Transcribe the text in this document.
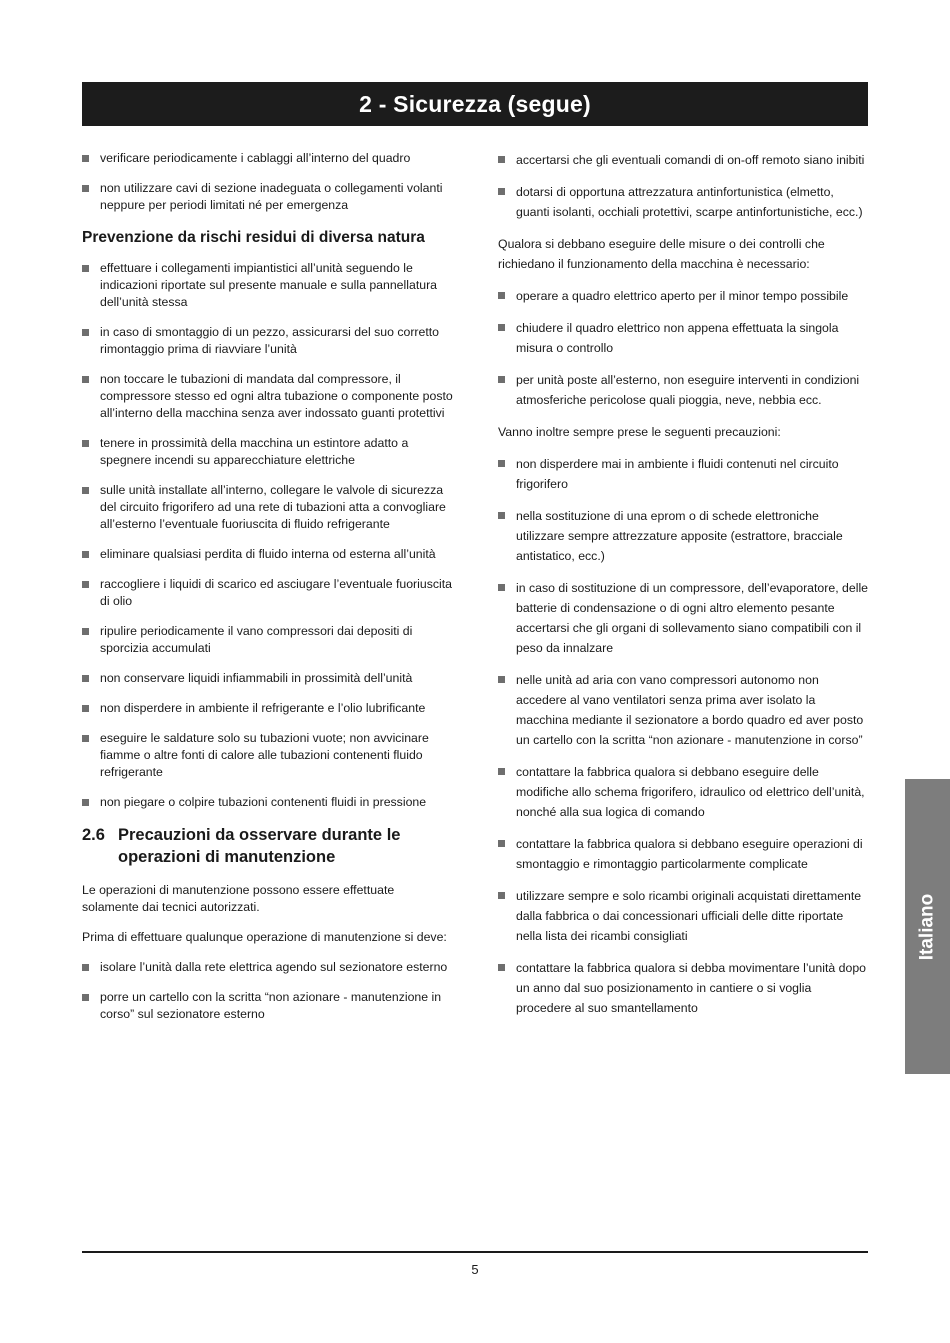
2 - Sicurezza (segue)
verificare periodicamente i cablaggi all’interno del quadro
non utilizzare cavi di sezione inadeguata o collegamenti volanti neppure per periodi limitati né per emergenza
Prevenzione da rischi residui di diversa natura
effettuare i collegamenti impiantistici all’unità seguendo le indicazioni riportate sul presente manuale e sulla pannellatura dell’unità stessa
in caso di smontaggio di un pezzo, assicurarsi del suo corretto rimontaggio prima di riavviare l’unità
non toccare le tubazioni di mandata dal compressore, il compressore stesso ed ogni altra tubazione o componente posto all’interno della macchina senza aver indossato guanti protettivi
tenere in prossimità della macchina un estintore adatto a spegnere incendi su apparecchiature elettriche
sulle unità installate all’interno, collegare le valvole di sicurezza del circuito frigorifero ad una rete di tubazioni atta a convogliare all’esterno l’eventuale fuoriuscita di fluido refrigerante
eliminare qualsiasi perdita di fluido interna od esterna all’unità
raccogliere i liquidi di scarico ed asciugare l’eventuale fuoriuscita di olio
ripulire periodicamente il vano compressori dai depositi di sporcizia accumulati
non conservare liquidi infiammabili in prossimità dell’unità
non disperdere in ambiente il refrigerante e l’olio lubrificante
eseguire le saldature solo su tubazioni vuote; non avvicinare fiamme o altre fonti di calore alle tubazioni contenenti fluido refrigerante
non piegare o colpire tubazioni contenenti fluidi in pressione
2.6 Precauzioni da osservare durante le operazioni di manutenzione

Le operazioni di manutenzione possono essere effettuate solamente dai tecnici autorizzati.

Prima di effettuare qualunque operazione di manutenzione si deve:

isolare l’unità dalla rete elettrica agendo sul sezionatore esterno
porre un cartello con la scritta “non azionare - manutenzione in corso” sul sezionatore esterno
accertarsi che gli eventuali comandi di on-off remoto siano inibiti
dotarsi di opportuna attrezzatura antinfortunistica (elmetto, guanti isolanti, occhiali protettivi, scarpe antinfortunistiche, ecc.)

Qualora si debbano eseguire delle misure o dei controlli che richiedano il funzionamento della macchina è necessario:

operare a quadro elettrico aperto per il minor tempo possibile
chiudere il quadro elettrico non appena effettuata la singola misura o controllo
per unità poste all’esterno, non eseguire interventi in condizioni atmosferiche pericolose quali pioggia, neve, nebbia ecc.

Vanno inoltre sempre prese le seguenti precauzioni:

non disperdere mai in ambiente i fluidi contenuti nel circuito frigorifero
nella sostituzione di una eprom o di schede elettroniche utilizzare sempre attrezzature apposite (estrattore, bracciale antistatico, ecc.)
in caso di sostituzione di un compressore, dell’evaporatore, delle batterie di condensazione o di ogni altro elemento pesante accertarsi che gli organi di sollevamento siano compatibili con il peso da innalzare
nelle unità ad aria con vano compressori autonomo non accedere al vano ventilatori senza prima aver isolato la macchina mediante il sezionatore a bordo quadro ed aver posto un cartello con la scritta “non azionare - manutenzione in corso”
contattare la fabbrica qualora si debbano eseguire delle modifiche allo schema frigorifero, idraulico od elettrico dell’unità, nonché alla sua logica di comando
contattare la fabbrica qualora si debbano eseguire operazioni di smontaggio e rimontaggio particolarmente complicate
utilizzare sempre e solo ricambi originali acquistati direttamente dalla fabbrica o dai concessionari ufficiali delle ditte riportate nella lista dei ricambi consigliati
contattare la fabbrica qualora si debba movimentare l’unità dopo un anno dal suo posizionamento in cantiere o si voglia procedere al suo smantellamento
Italiano
5
